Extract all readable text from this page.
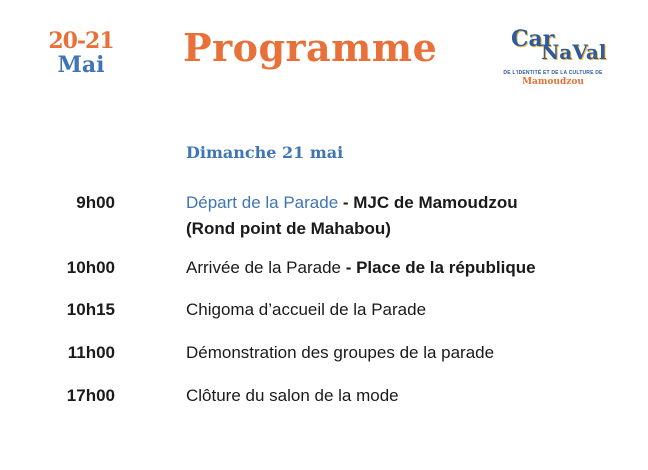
20-21
Mai	Programme	Car
NaVal
DE L'IDENTITÉ ET DE LA CULTURE DE
Mamoudzou
Dimanche 21 mai
9h00	Départ de la Parade - MJC de Mamoudzou
(Rond point de Mahabou)
10h00	Arrivée de la Parade - Place de la république
10h15	Chigoma d’accueil de la Parade
11h00	Démonstration des groupes de la parade
17h00	Clôture du salon de la mode
